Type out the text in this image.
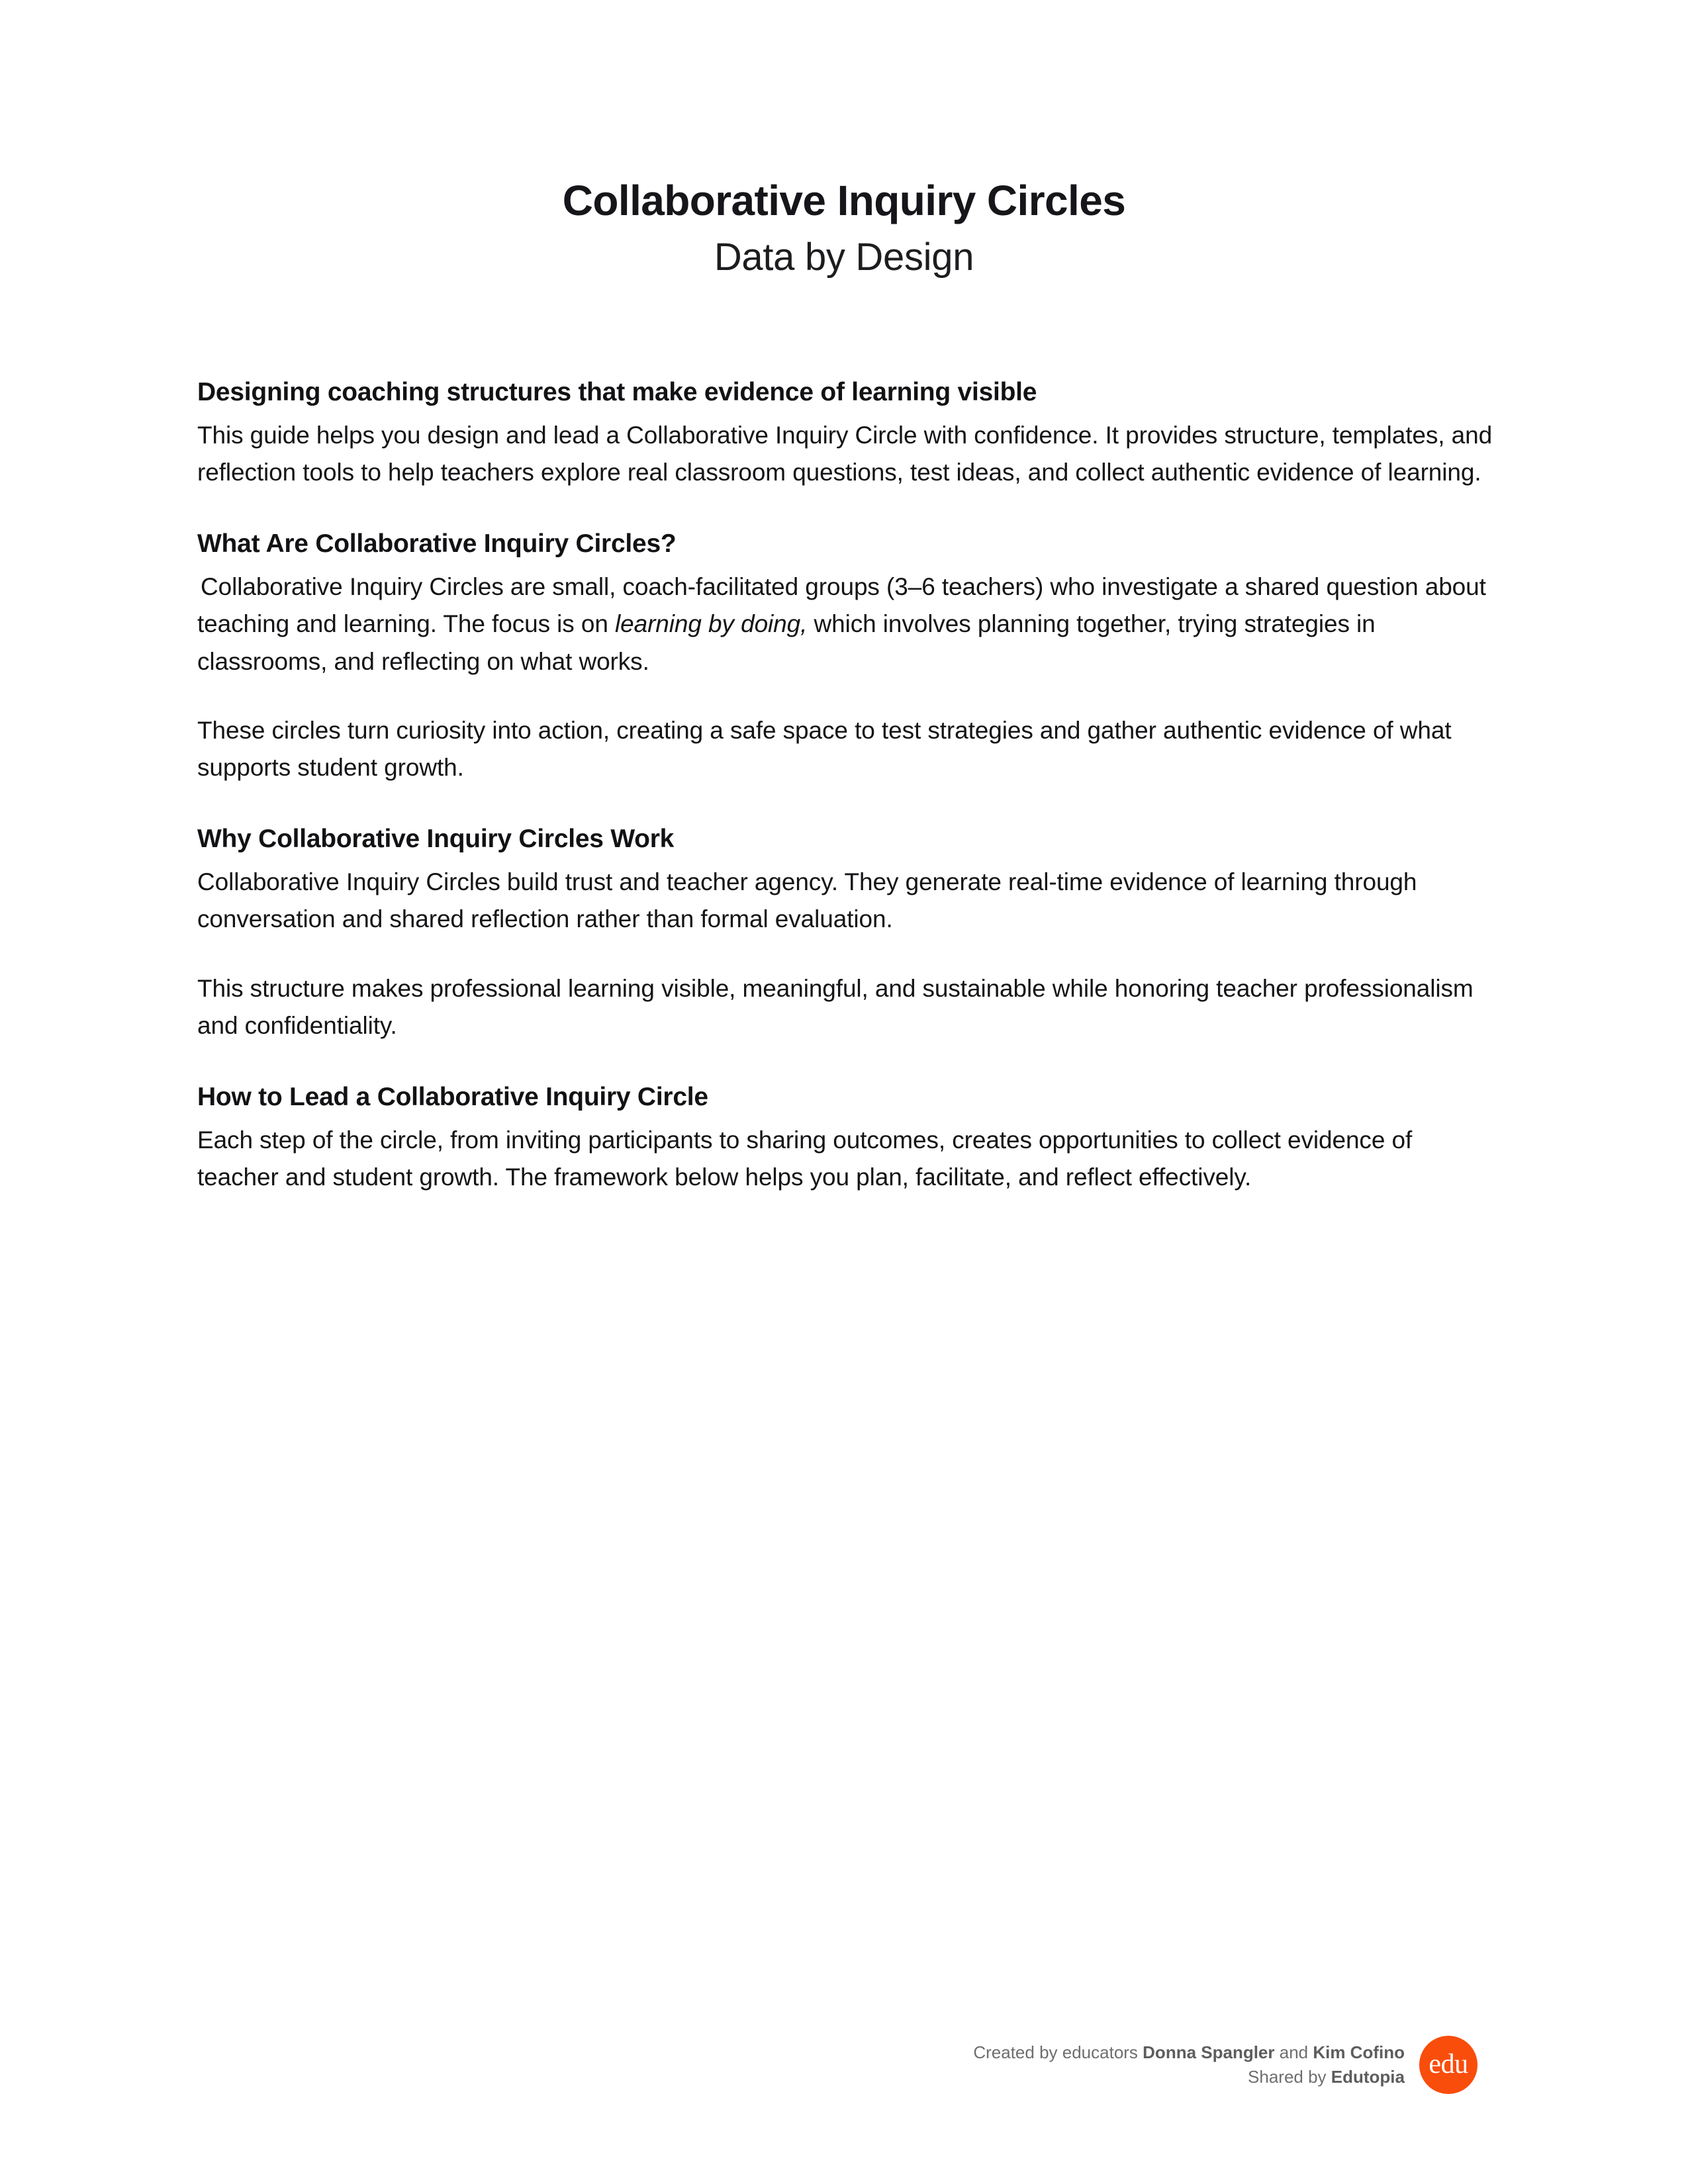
Collaborative Inquiry Circles
Data by Design
Designing coaching structures that make evidence of learning visible

This guide helps you design and lead a Collaborative Inquiry Circle with confidence. It provides structure, templates, and reflection tools to help teachers explore real classroom questions, test ideas, and collect authentic evidence of learning.

What Are Collaborative Inquiry Circles?

Collaborative Inquiry Circles are small, coach-facilitated groups (3–6 teachers) who investigate a shared question about teaching and learning. The focus is on learning by doing, which involves planning together, trying strategies in classrooms, and reflecting on what works.

These circles turn curiosity into action, creating a safe space to test strategies and gather authentic evidence of what supports student growth.

Why Collaborative Inquiry Circles Work

Collaborative Inquiry Circles build trust and teacher agency. They generate real-time evidence of learning through conversation and shared reflection rather than formal evaluation.

This structure makes professional learning visible, meaningful, and sustainable while honoring teacher professionalism and confidentiality.

How to Lead a Collaborative Inquiry Circle

Each step of the circle, from inviting participants to sharing outcomes, creates opportunities to collect evidence of teacher and student growth. The framework below helps you plan, facilitate, and reflect effectively.

Created by educators Donna Spangler and Kim Cofino
Shared by Edutopia edu
